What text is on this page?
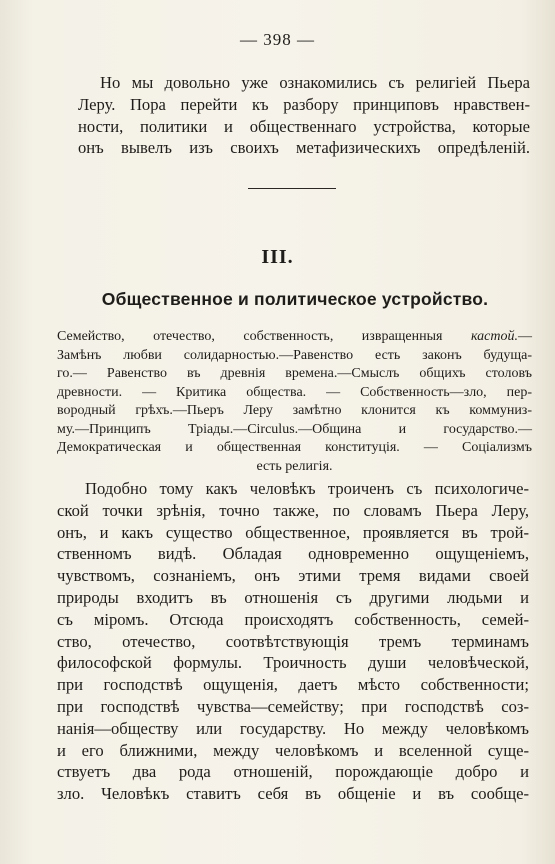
— 398 —
Но мы довольно уже ознакомились съ религіей Пьера
Леру. Пора перейти къ разбору принциповъ нравствен-
ности, политики и общественнаго устройства, которые
онъ вывелъ изъ своихъ метафизическихъ опредѣленій.
III.
Общественное и политическое устройство.
Семейство, отечество, собственность, извращенныя кастой.—
Замѣнъ любви солидарностью.—Равенство есть законъ будуща-
го.— Равенство въ древнія времена.—Смыслъ общихъ столовъ
древности. — Критика общества. — Собственность—зло, пер-
вородный грѣхъ.—Пьеръ Леру замѣтно клонится къ коммуниз-
му.—Принципъ Тріады.—Circulus.—Община и государство.—
Демократическая и общественная конституція. — Соціализмъ
есть религія.
Подобно тому какъ человѣкъ троиченъ съ психологиче-
ской точки зрѣнія, точно также, по словамъ Пьера Леру,
онъ, и какъ существо общественное, проявляется въ трой-
ственномъ видѣ. Обладая одновременно ощущеніемъ,
чувствомъ, сознаніемъ, онъ этими тремя видами своей
природы входитъ въ отношенія съ другими людьми и
съ міромъ. Отсюда происходятъ собственность, семей-
ство, отечество, соотвѣтствующія тремъ терминамъ
философской формулы. Троичность души человѣческой,
при господствѣ ощущенія, даетъ мѣсто собственности;
при господствѣ чувства—семейству; при господствѣ соз-
нанія—обществу или государству. Но между человѣкомъ
и его ближними, между человѣкомъ и вселенной суще-
ствуетъ два рода отношеній, порождающіе добро и
зло. Человѣкъ ставитъ себя въ общеніе и въ сообще-
